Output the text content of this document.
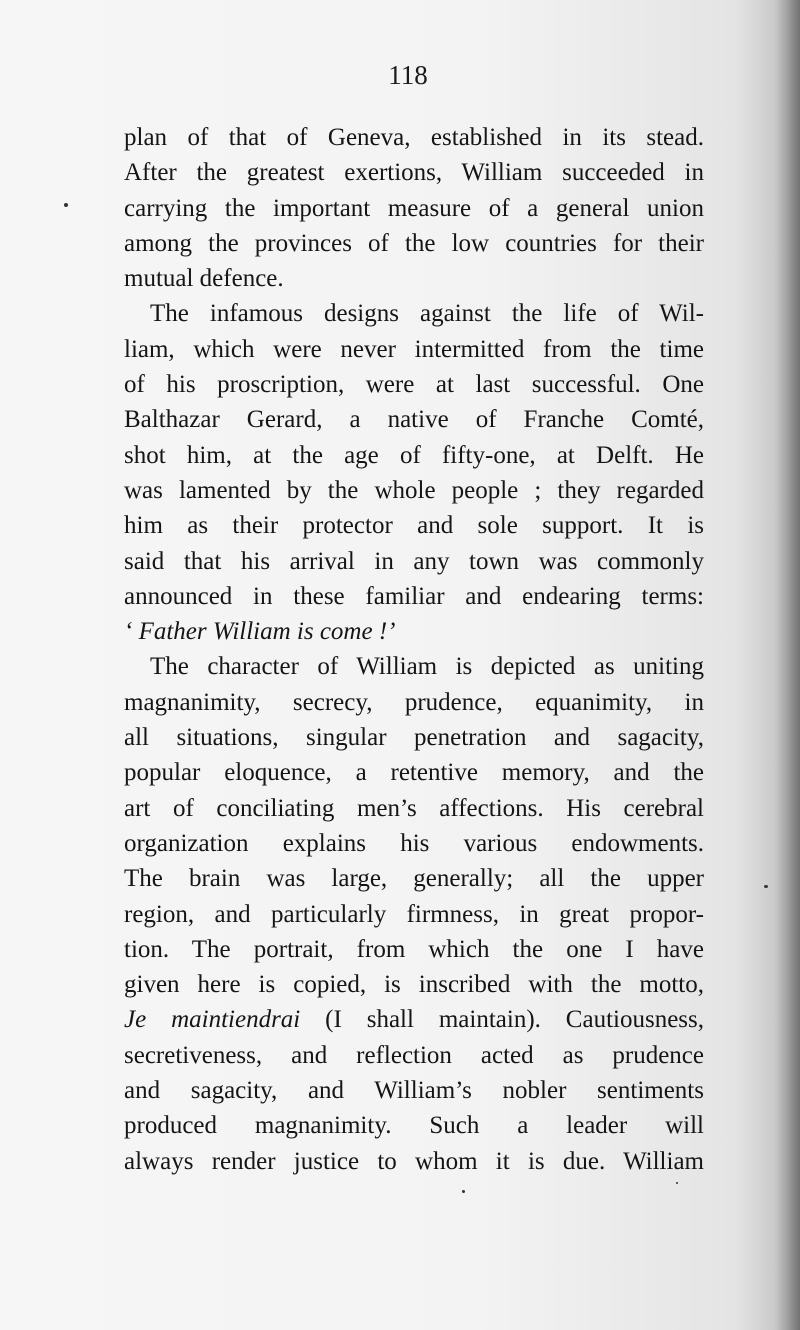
118
plan of that of Geneva, established in its stead.
After the greatest exertions, William succeeded in
carrying the important measure of a general union
among the provinces of the low countries for their
mutual defence.
The infamous designs against the life of Wil-
liam, which were never intermitted from the time
of his proscription, were at last successful. One
Balthazar Gerard, a native of Franche Comté,
shot him, at the age of fifty-one, at Delft. He
was lamented by the whole people ; they regarded
him as their protector and sole support. It is
said that his arrival in any town was commonly
announced in these familiar and endearing terms:
‘ Father William is come !’
The character of William is depicted as uniting
magnanimity, secrecy, prudence, equanimity, in
all situations, singular penetration and sagacity,
popular eloquence, a retentive memory, and the
art of conciliating men’s affections. His cerebral
organization explains his various endowments.
The brain was large, generally; all the upper
region, and particularly firmness, in great propor-
tion. The portrait, from which the one I have
given here is copied, is inscribed with the motto,
Je maintiendrai (I shall maintain). Cautiousness,
secretiveness, and reflection acted as prudence
and sagacity, and William’s nobler sentiments
produced magnanimity. Such a leader will
always render justice to whom it is due. William
